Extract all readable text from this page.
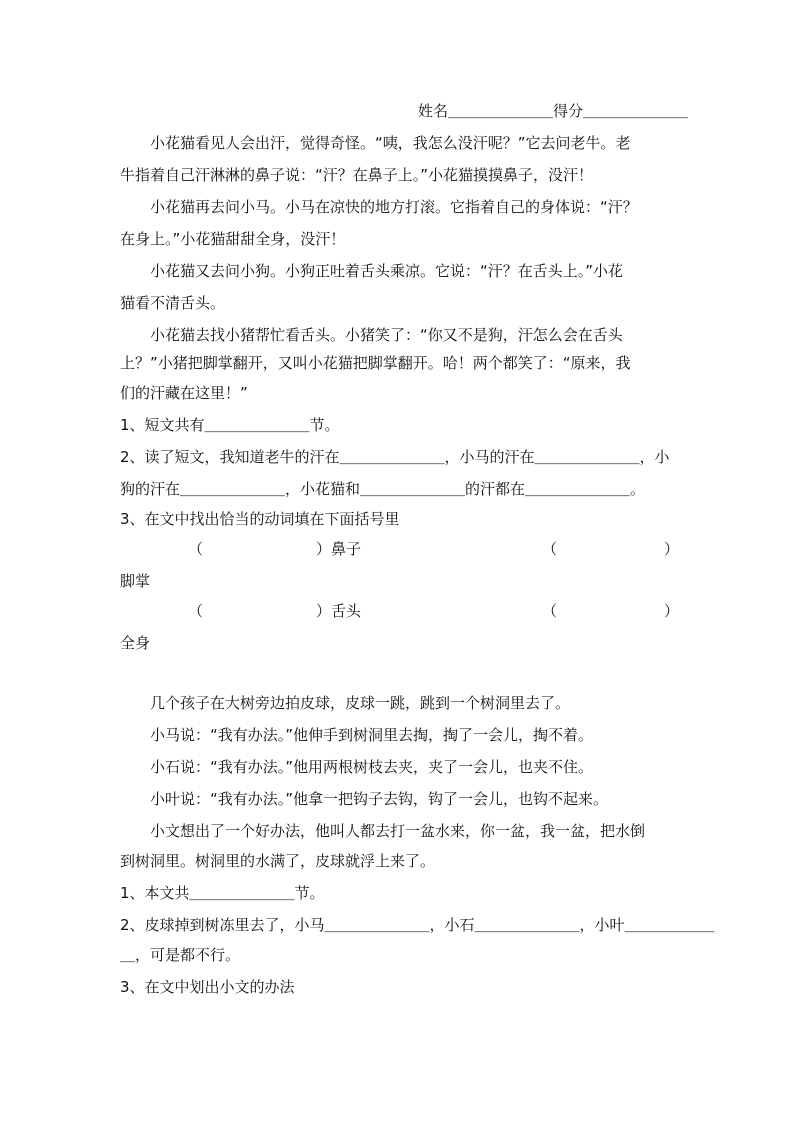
姓名＿＿＿＿＿＿＿得分＿＿＿＿＿＿＿
小花猫看见人会出汗，觉得奇怪。“咦，我怎么没汗呢？”它去问老牛。老
牛指着自己汗淋淋的鼻子说：“汗？在鼻子上。”小花猫摸摸鼻子，没汗！
小花猫再去问小马。小马在凉快的地方打滚。它指着自己的身体说：“汗？
在身上。”小花猫甜甜全身，没汗！
小花猫又去问小狗。小狗正吐着舌头乘凉。它说：“汗？在舌头上。”小花
猫看不清舌头。
小花猫去找小猪帮忙看舌头。小猪笑了：“你又不是狗，汗怎么会在舌头
上？”小猪把脚掌翻开，又叫小花猫把脚掌翻开。哈！两个都笑了：“原来，我
们的汗藏在这里！”
1、短文共有＿＿＿＿＿＿＿节。
2、读了短文，我知道老牛的汗在＿＿＿＿＿＿＿，小马的汗在＿＿＿＿＿＿＿，小
狗的汗在＿＿＿＿＿＿＿，小花猫和＿＿＿＿＿＿＿的汗都在＿＿＿＿＿＿＿。
3、在文中找出恰当的动词填在下面括号里
（	）鼻子	（	）
脚掌
（	）舌头	（	）
全身
几个孩子在大树旁边拍皮球，皮球一跳，跳到一个树洞里去了。
小马说：“我有办法。”他伸手到树洞里去掏，掏了一会儿，掏不着。
小石说：“我有办法。”他用两根树枝去夹，夹了一会儿，也夹不住。
小叶说：“我有办法。”他拿一把钩子去钩，钩了一会儿，也钩不起来。
小文想出了一个好办法，他叫人都去打一盆水来，你一盆，我一盆，把水倒
到树洞里。树洞里的水满了，皮球就浮上来了。
1、本文共＿＿＿＿＿＿＿节。
2、皮球掉到树冻里去了，小马＿＿＿＿＿＿＿，小石＿＿＿＿＿＿＿，小叶＿＿＿＿＿＿
＿，可是都不行。
3、在文中划出小文的办法
